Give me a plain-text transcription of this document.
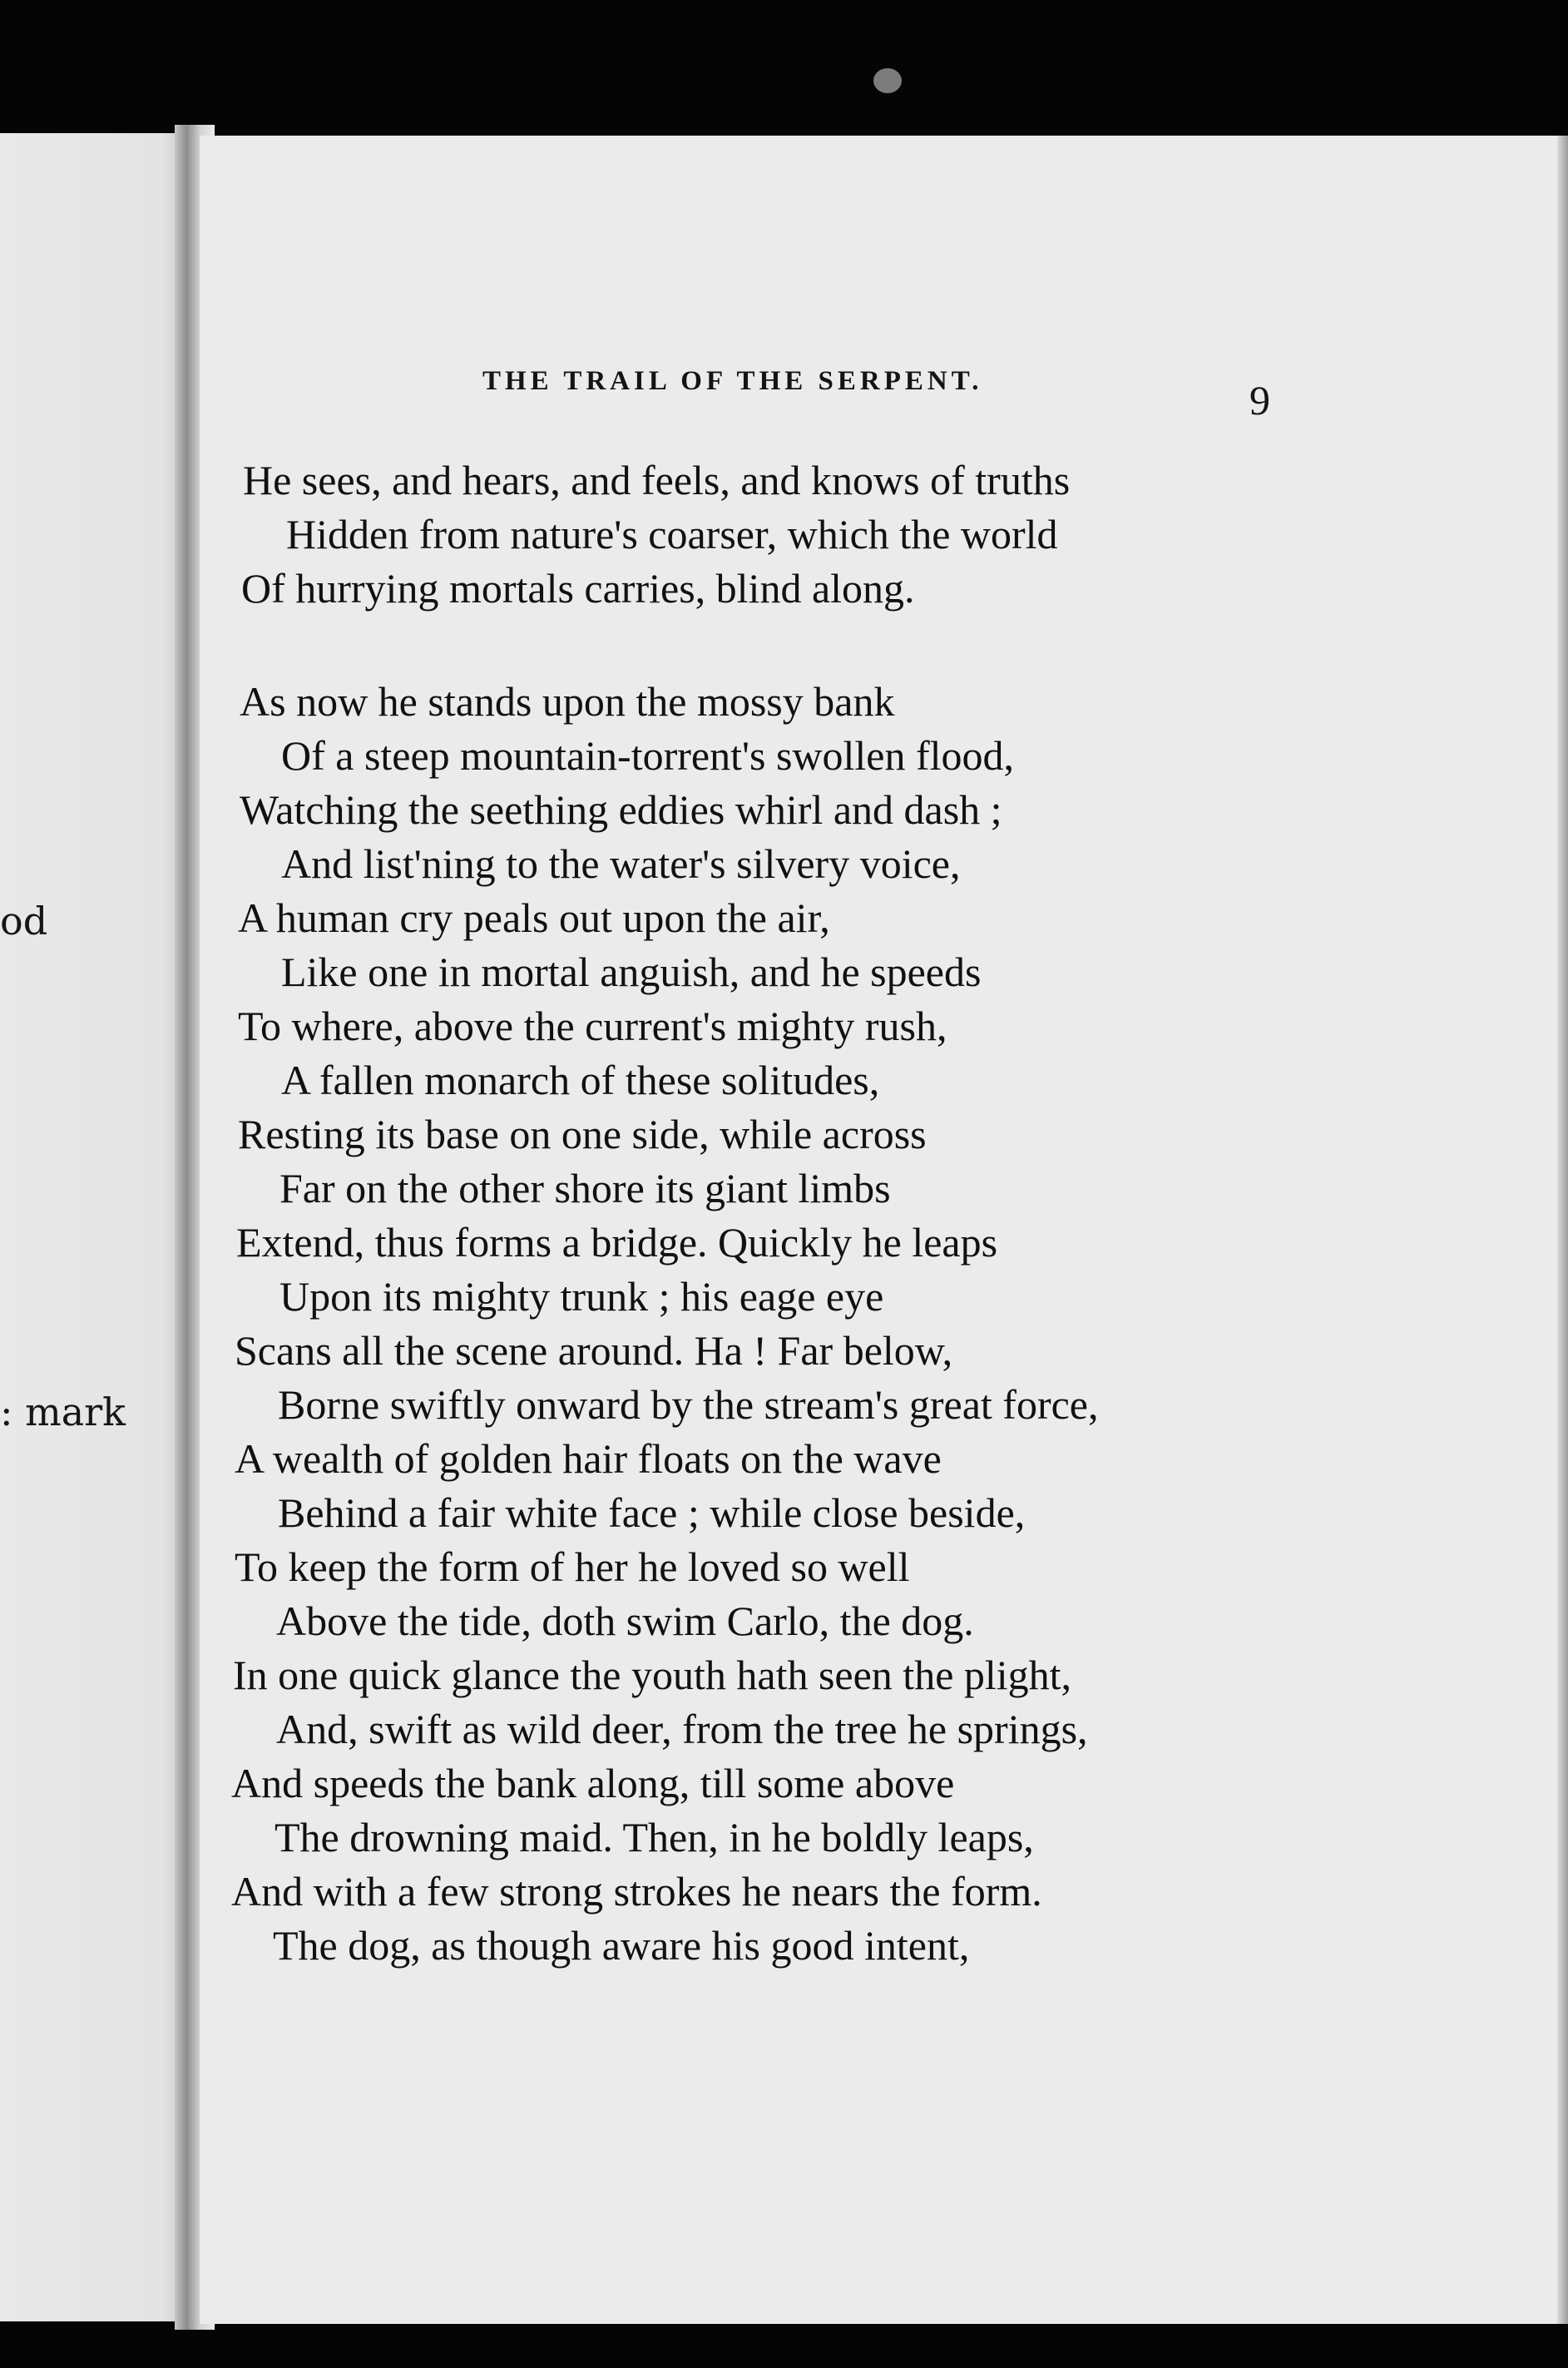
od
: mark
THE TRAIL OF THE SERPENT.	9
He sees, and hears, and feels, and knows of truths
Hidden from nature's coarser, which the world
Of hurrying mortals carries, blind along.
As now he stands upon the mossy bank
Of a steep mountain-torrent's swollen flood,
Watching the seething eddies whirl and dash ;
And list'ning to the water's silvery voice,
A human cry peals out upon the air,
Like one in mortal anguish, and he speeds
To where, above the current's mighty rush,
A fallen monarch of these solitudes,
Resting its base on one side, while across
Far on the other shore its giant limbs
Extend, thus forms a bridge. Quickly he leaps
Upon its mighty trunk ; his eage eye
Scans all the scene around. Ha ! Far below,
Borne swiftly onward by the stream's great force,
A wealth of golden hair floats on the wave
Behind a fair white face ; while close beside,
To keep the form of her he loved so well
Above the tide, doth swim Carlo, the dog.
In one quick glance the youth hath seen the plight,
And, swift as wild deer, from the tree he springs,
And speeds the bank along, till some above
The drowning maid. Then, in he boldly leaps,
And with a few strong strokes he nears the form.
The dog, as though aware his good intent,
